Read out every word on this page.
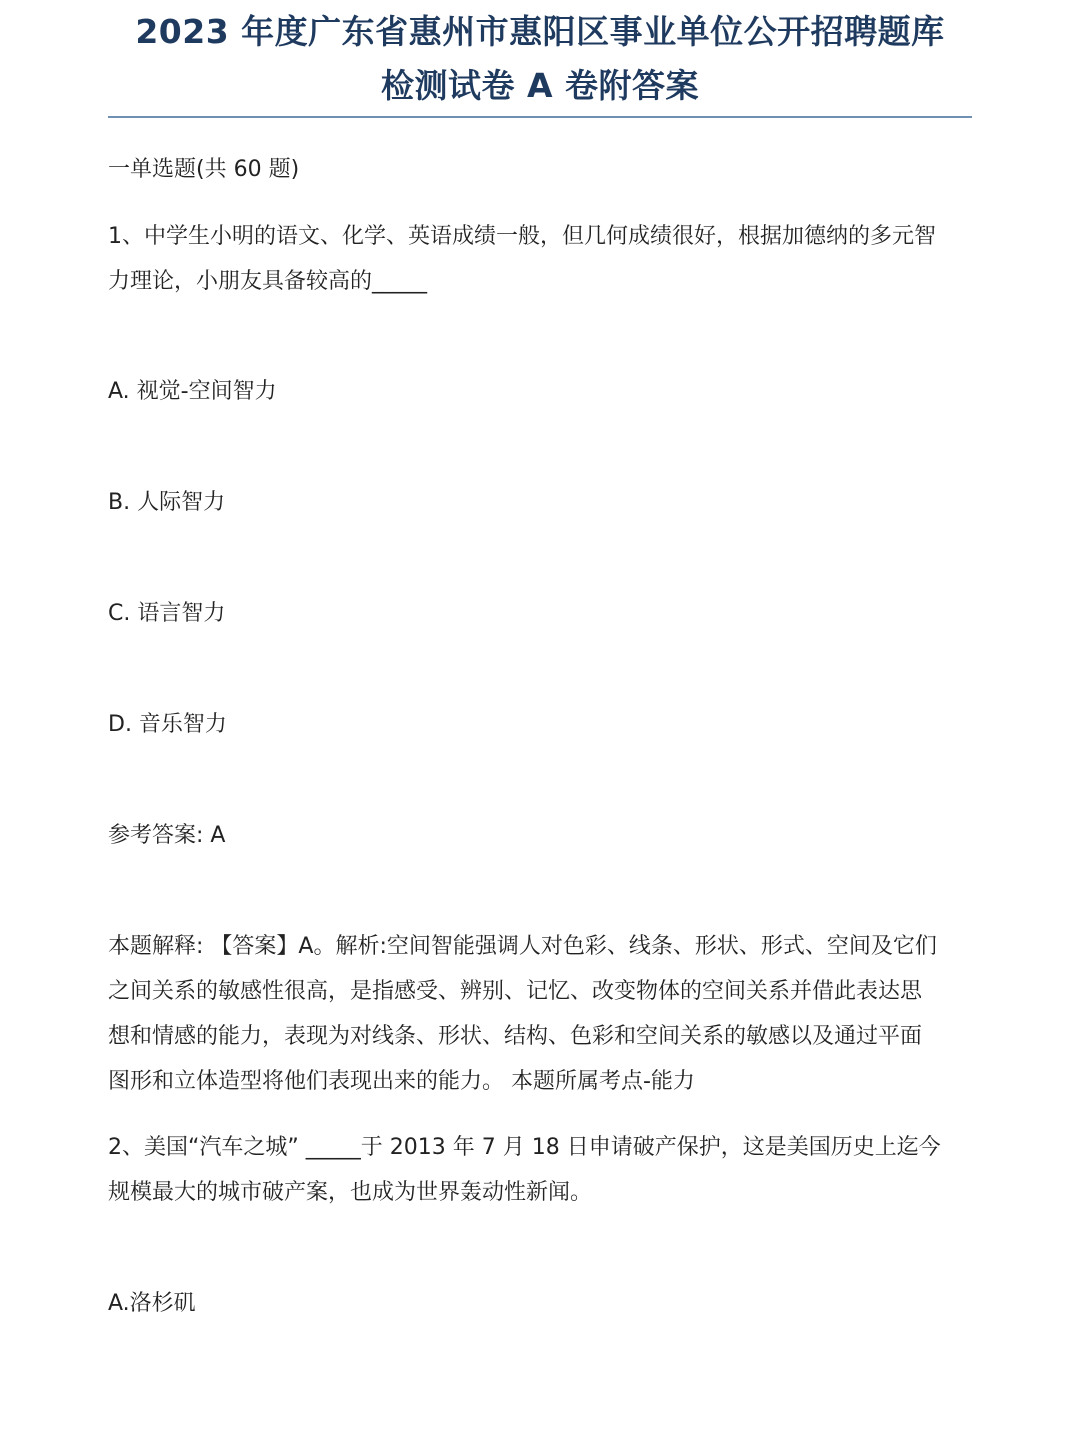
2023 年度广东省惠州市惠阳区事业单位公开招聘题库
检测试卷 A 卷附答案
一单选题(共 60 题)
1、中学生小明的语文、化学、英语成绩一般，但几何成绩很好，根据加德纳的多元智
力理论，小朋友具备较高的_____
A. 视觉-空间智力
B. 人际智力
C. 语言智力
D. 音乐智力
参考答案: A
本题解释: 【答案】A。解析:空间智能强调人对色彩、线条、形状、形式、空间及它们
之间关系的敏感性很高，是指感受、辨别、记忆、改变物体的空间关系并借此表达思
想和情感的能力，表现为对线条、形状、结构、色彩和空间关系的敏感以及通过平面
图形和立体造型将他们表现出来的能力。 本题所属考点-能力
2、美国“汽车之城” _____于 2013 年 7 月 18 日申请破产保护，这是美国历史上迄今
规模最大的城市破产案，也成为世界轰动性新闻。
A.洛杉矶
